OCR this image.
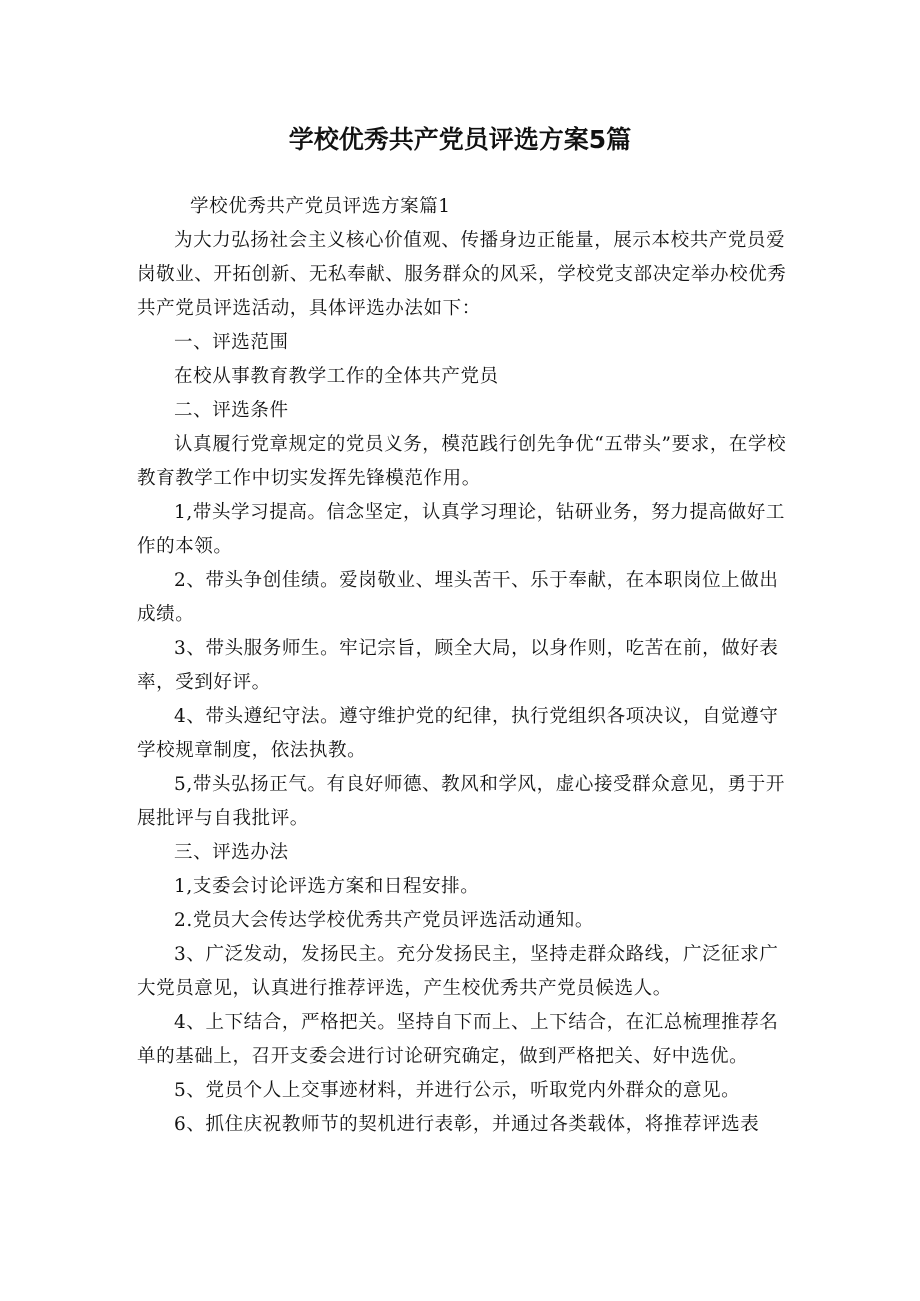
学校优秀共产党员评选方案5篇

学校优秀共产党员评选方案篇1

为大力弘扬社会主义核心价值观、传播身边正能量，展示本校共产党员爱岗敬业、开拓创新、无私奉献、服务群众的风采，学校党支部决定举办校优秀共产党员评选活动，具体评选办法如下：

一、评选范围

在校从事教育教学工作的全体共产党员

二、评选条件

认真履行党章规定的党员义务，模范践行创先争优“五带头”要求，在学校教育教学工作中切实发挥先锋模范作用。

1,带头学习提高。信念坚定，认真学习理论，钻研业务，努力提高做好工作的本领。

2、带头争创佳绩。爱岗敬业、埋头苦干、乐于奉献，在本职岗位上做出成绩。

3、带头服务师生。牢记宗旨，顾全大局，以身作则，吃苦在前，做好表率，受到好评。

4、带头遵纪守法。遵守维护党的纪律，执行党组织各项决议，自觉遵守学校规章制度，依法执教。

5,带头弘扬正气。有良好师德、教风和学风，虚心接受群众意见，勇于开展批评与自我批评。

三、评选办法

1,支委会讨论评选方案和日程安排。

2.党员大会传达学校优秀共产党员评选活动通知。

3、广泛发动，发扬民主。充分发扬民主，坚持走群众路线，广泛征求广大党员意见，认真进行推荐评选，产生校优秀共产党员候选人。

4、上下结合，严格把关。坚持自下而上、上下结合，在汇总梳理推荐名单的基础上，召开支委会进行讨论研究确定，做到严格把关、好中选优。

5、党员个人上交事迹材料，并进行公示，听取党内外群众的意见。

6、抓住庆祝教师节的契机进行表彰，并通过各类载体，将推荐评选表
